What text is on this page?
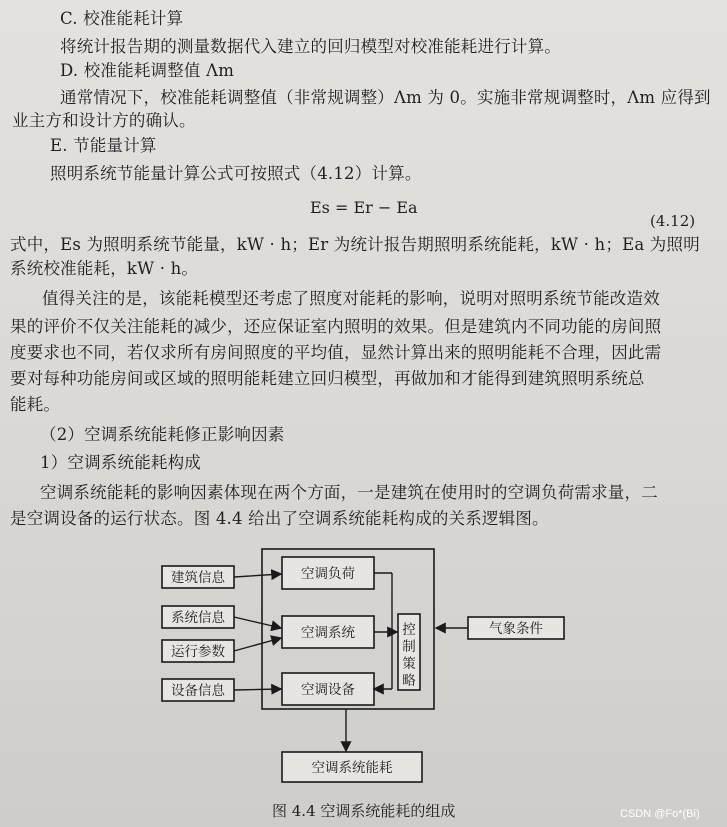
C. 校准能耗计算
将统计报告期的测量数据代入建立的回归模型对校准能耗进行计算。
D. 校准能耗调整值 Λm
通常情况下，校准能耗调整值（非常规调整）Λm 为 0。实施非常规调整时，Λm 应得到
业主方和设计方的确认。
E. 节能量计算
照明系统节能量计算公式可按照式（4.12）计算。
Es = Er − Ea
(4.12)
式中，Es 为照明系统节能量，kW · h；Er 为统计报告期照明系统能耗，kW · h；Ea 为照明
系统校准能耗，kW · h。
值得关注的是，该能耗模型还考虑了照度对能耗的影响，说明对照明系统节能改造效
果的评价不仅关注能耗的减少，还应保证室内照明的效果。但是建筑内不同功能的房间照
度要求也不同，若仅求所有房间照度的平均值，显然计算出来的照明能耗不合理，因此需
要对每种功能房间或区域的照明能耗建立回归模型，再做加和才能得到建筑照明系统总
能耗。
（2）空调系统能耗修正影响因素
1）空调系统能耗构成
空调系统能耗的影响因素体现在两个方面，一是建筑在使用时的空调负荷需求量，二
是空调设备的运行状态。图 4.4 给出了空调系统能耗构成的关系逻辑图。
建筑信息
系统信息
运行参数
设备信息
空调负荷
空调系统
空调设备
控制策略
气象条件
空调系统能耗
图 4.4 空调系统能耗的组成	CSDN @Fo*(Bi)
